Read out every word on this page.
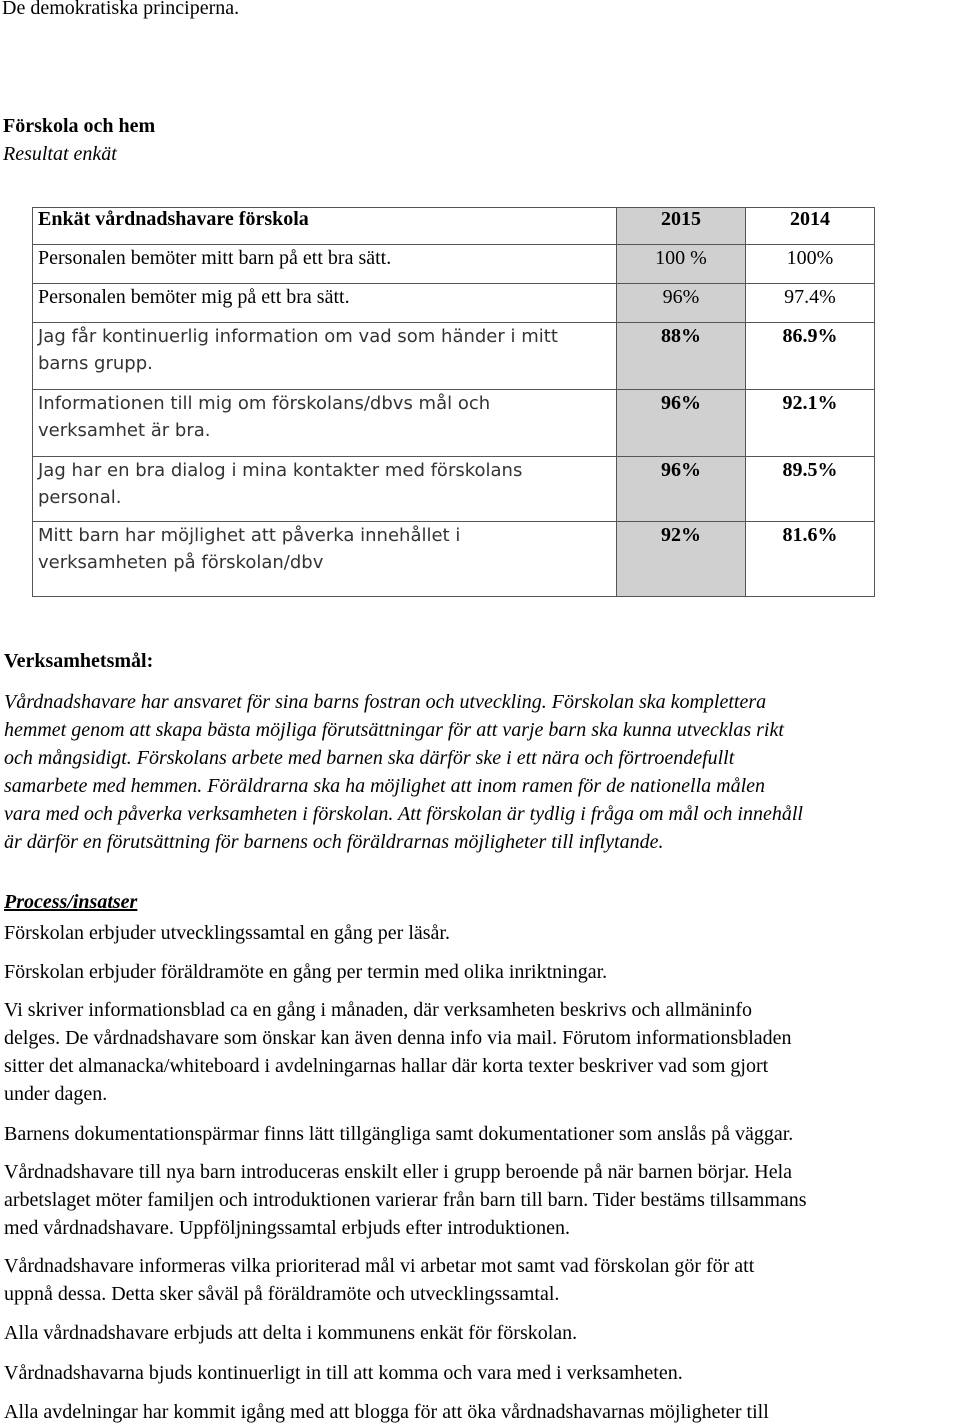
De demokratiska principerna.
Förskola och hem
Resultat enkät
Enkät vårdnadshavare förskola	2015	2014
Personalen bemöter mitt barn på ett bra sätt.	100 %	100%
Personalen bemöter mig på ett bra sätt.	96%	97.4%

Jag får kontinuerlig information om vad som händer i mitt
barns grupp.	88%	86.9%

Informationen till mig om förskolans/dbvs mål och
verksamhet är bra.	96%	92.1%

Jag har en bra dialog i mina kontakter med förskolans
personal.	96%	89.5%

Mitt barn har möjlighet att påverka innehållet i
verksamheten på förskolan/dbv	92%	81.6%
Verksamhetsmål:
Vårdnadshavare har ansvaret för sina barns fostran och utveckling. Förskolan ska komplettera
hemmet genom att skapa bästa möjliga förutsättningar för att varje barn ska kunna utvecklas rikt
och mångsidigt. Förskolans arbete med barnen ska därför ske i ett nära och förtroendefullt
samarbete med hemmen. Föräldrarna ska ha möjlighet att inom ramen för de nationella målen
vara med och påverka verksamheten i förskolan. Att förskolan är tydlig i fråga om mål och innehåll
är därför en förutsättning för barnens och föräldrarnas möjligheter till inflytande.
Process/insatser
Förskolan erbjuder utvecklingssamtal en gång per läsår.
Förskolan erbjuder föräldramöte en gång per termin med olika inriktningar.
Vi skriver informationsblad ca en gång i månaden, där verksamheten beskrivs och allmäninfo
delges. De vårdnadshavare som önskar kan även denna info via mail. Förutom informationsbladen
sitter det almanacka/whiteboard i avdelningarnas hallar där korta texter beskriver vad som gjort
under dagen.
Barnens dokumentationspärmar finns lätt tillgängliga samt dokumentationer som anslås på väggar.
Vårdnadshavare till nya barn introduceras enskilt eller i grupp beroende på när barnen börjar. Hela
arbetslaget möter familjen och introduktionen varierar från barn till barn. Tider bestäms tillsammans
med vårdnadshavare. Uppföljningssamtal erbjuds efter introduktionen.
Vårdnadshavare informeras vilka prioriterad mål vi arbetar mot samt vad förskolan gör för att
uppnå dessa. Detta sker såväl på föräldramöte och utvecklingssamtal.
Alla vårdnadshavare erbjuds att delta i kommunens enkät för förskolan.
Vårdnadshavarna bjuds kontinuerligt in till att komma och vara med i verksamheten.
Alla avdelningar har kommit igång med att blogga för att öka vårdnadshavarnas möjligheter till
